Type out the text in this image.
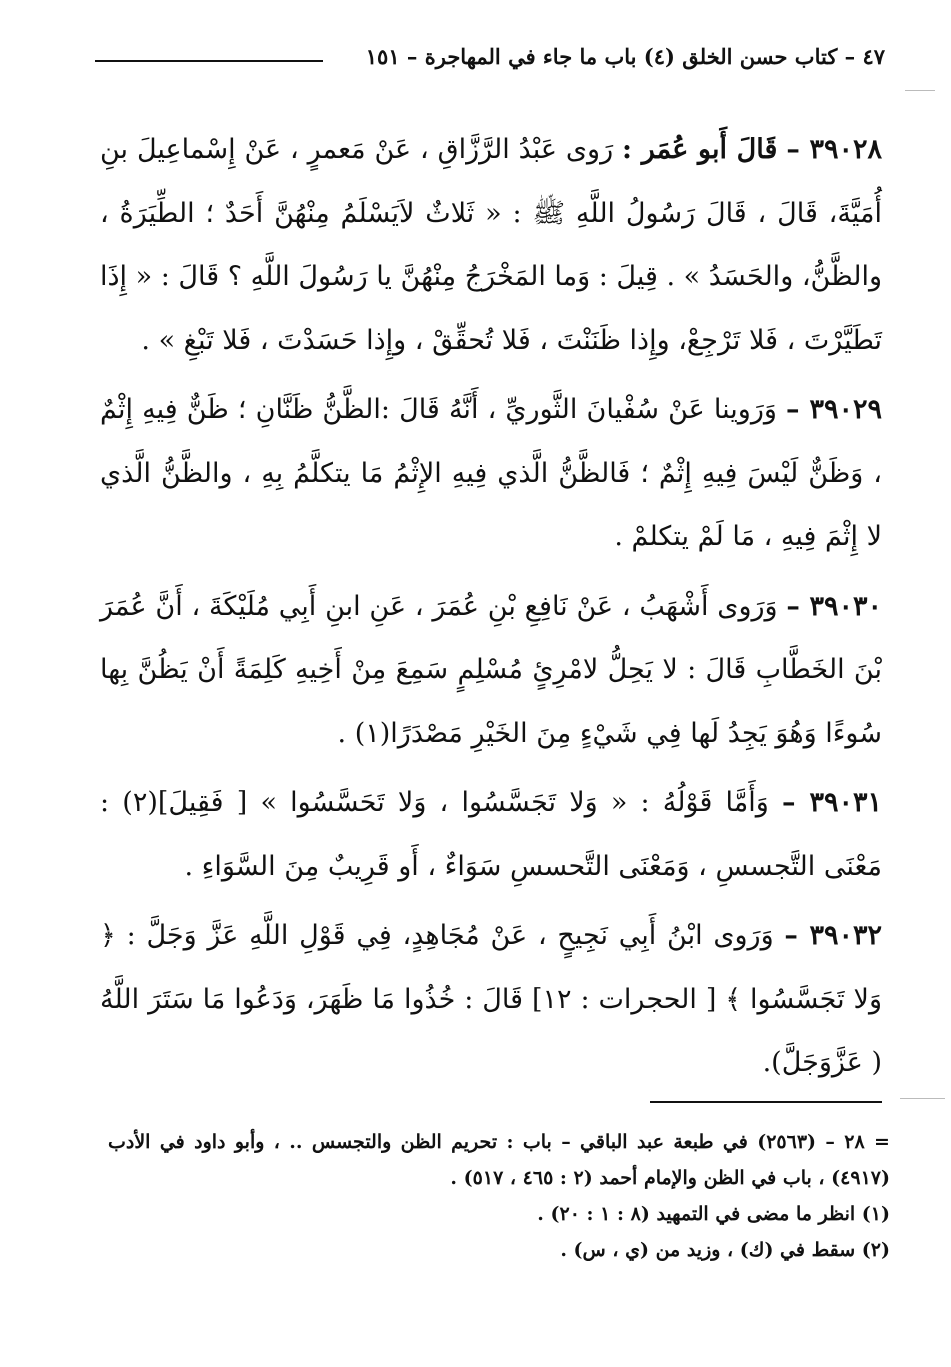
٤٧ – كتاب حسن الخلق (٤) باب ما جاء في المهاجرة – ١٥١

٣٩٠٢٨ – قَالَ أَبو عُمَر : رَوى عَبْدُ الرَّزَّاقِ ، عَنْ مَعمرٍ ، عَنْ إِسْماعِيلَ بنِ أُمَيَّةَ، قَالَ ، قَالَ رَسُولُ اللَّهِ ﷺ : « ثَلاثٌ لاَيَسْلَمُ مِنْهُنَّ أَحَدٌ ؛ الطِّيَرَةُ ، والظَّنُّ، والحَسَدُ » . قِيلَ : وَما المَخْرَجُ مِنْهُنَّ يا رَسُولَ اللَّهِ ؟ قَالَ : « إِذَا تَطَيَّرْتَ ، فَلا تَرْجِعْ، وإِذا ظَنَنْتَ ، فَلا تُحقِّقْ ، وإِذا حَسَدْتَ ، فَلا تَبْغِ » .

٣٩٠٢٩ – وَرَوينا عَنْ سُفْيانَ الثَّوريِّ ، أَنَّهُ قَالَ :الظَّنُّ ظَنَّانِ ؛ ظَنٌّ فِيهِ إِثْمٌ ، وَظَنٌّ لَيْسَ فِيهِ إِثْمٌ ؛ فَالظَّنُّ الَّذي فِيهِ الإِثْمُ مَا يتكلَّمُ بِهِ ، والظَّنُّ الَّذي لا إِثْمَ فِيهِ ، مَا لَمْ يتكلمْ .

٣٩٠٣٠ – وَرَوى أَشْهَبُ ، عَنْ نَافِعِ بْنِ عُمَرَ ، عَنِ ابنِ أَبِي مُلَيْكَةَ ، أَنَّ عُمَرَ بْنَ الخَطَّابِ قَالَ : لا يَحِلُّ لامْرِئٍ مُسْلِمٍ سَمِعَ مِنْ أَخِيهِ كَلِمَةً أَنْ يَظُنَّ بِها سُوءًا وَهُوَ يَجِدُ لَها فِي شَيْءٍ مِنَ الخَيْرِ مَصْدَرًا(١) .

٣٩٠٣١ – وَأَمَّا قَوْلُهُ : « وَلا تَجَسَّسُوا ، وَلا تَحَسَّسُوا » [ فَقِيلَ](٢) : مَعْنَى التَّجسسِ ، وَمَعْنَى التَّحسسِ سَوَاءٌ ، أَو قَرِيبٌ مِنَ السَّوَاءِ .

٣٩٠٣٢ – وَرَوى ابْنُ أَبِي نَجِيحٍ ، عَنْ مُجَاهِدٍ، فِي قَوْلِ اللَّهِ عَزَّ وَجَلَّ : ﴿ وَلا تَجَسَّسُوا ﴾ [ الحجرات : ١٢] قَالَ : خُذُوا مَا ظَهَرَ، وَدَعُوا مَا سَتَرَ اللَّهُ ( عَزَّوَجَلَّ).

= ٢٨ – (٢٥٦٣) في طبعة عبد الباقي – باب : تحريم الظن والتجسس .. ، وأبو داود في الأدب (٤٩١٧) ، باب في الظن والإمام أحمد (٢ : ٤٦٥ ، ٥١٧) .

(١) انظر ما مضى في التمهيد (٨ : ١ : ٢٠) .

(٢) سقط في (ك) ، وزيد من (ي ، س) .
